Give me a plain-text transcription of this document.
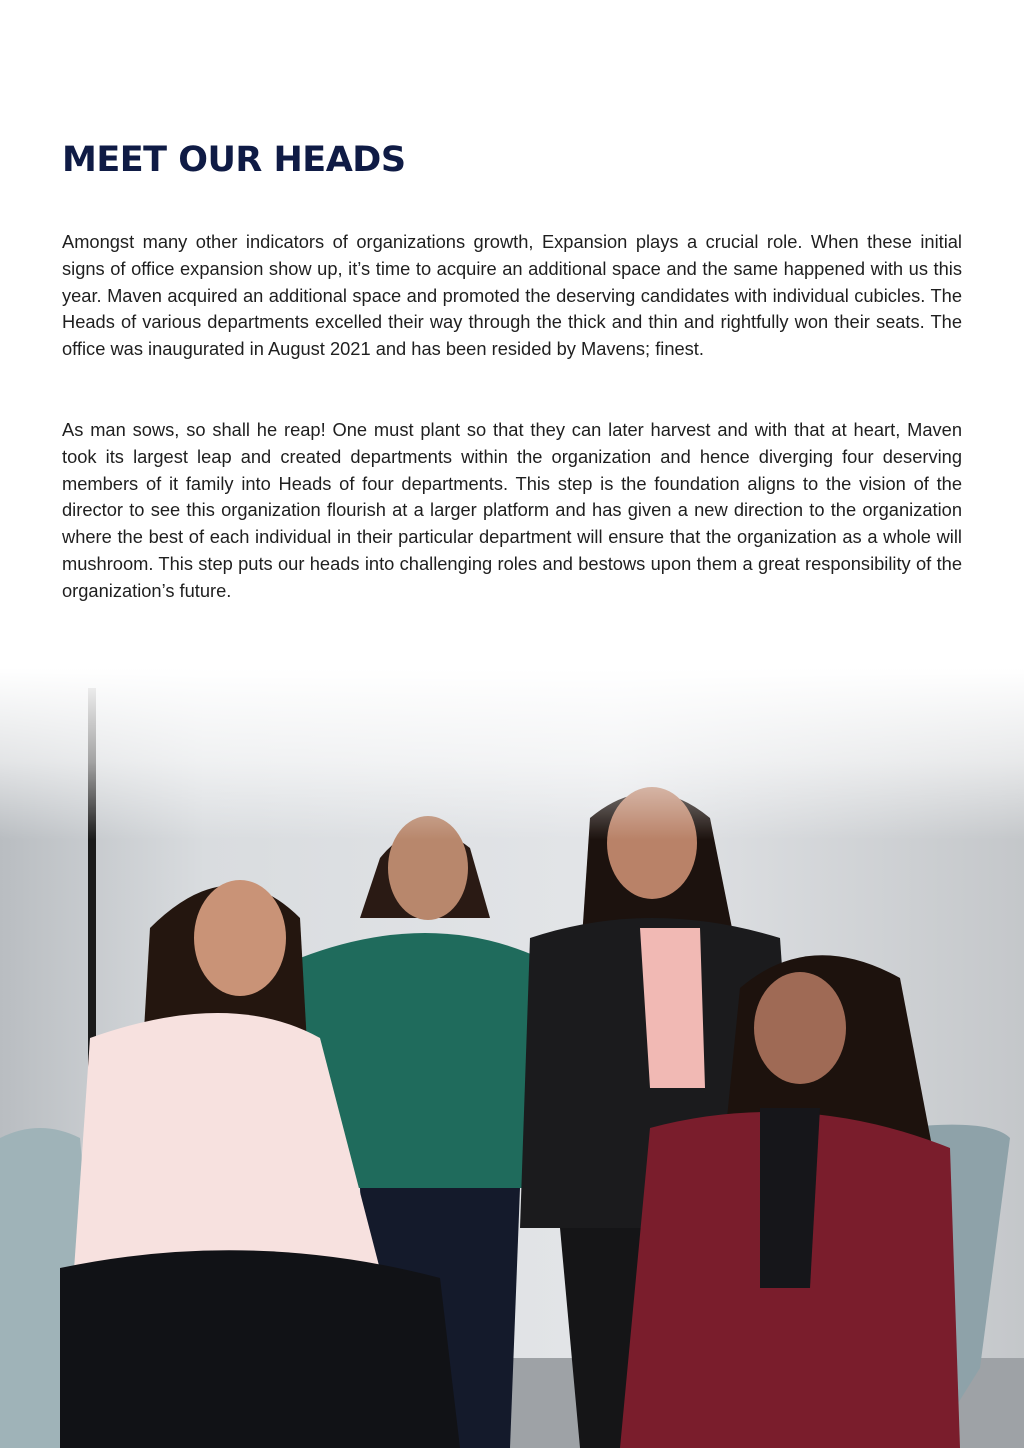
MEET OUR HEADS

Amongst many other indicators of organizations growth, Expansion plays a crucial role. When these initial signs of office expansion show up, it’s time to acquire an additional space and the same happened with us this year. Maven acquired an additional space and promoted the deserving candidates with individual cubicles. The Heads of various departments excelled their way through the thick and thin and rightfully won their seats. The office was inaugurated in August 2021 and has been resided by Mavens; finest.

As man sows, so shall he reap! One must plant so that they can later harvest and with that at heart, Maven took its largest leap and created departments within the organization and hence diverging four deserving members of it family into Heads of four departments. This step is the foundation aligns to the vision of the director to see this organization flourish at a larger platform and has given a new direction to the organization where the best of each individual in their particular department will ensure that the organization as a whole will mushroom. This step puts our heads into challenging roles and bestows upon them a great responsibility of the organization’s future.
